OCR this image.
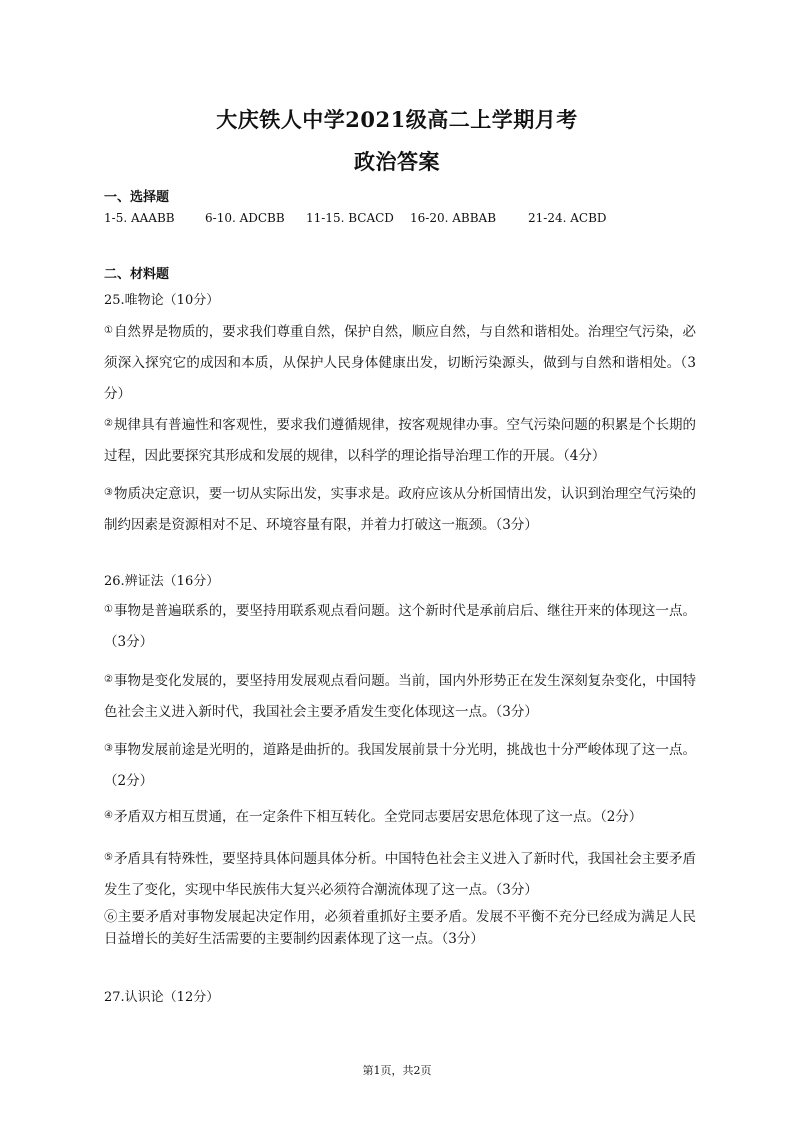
大庆铁人中学2021级高二上学期月考
政治答案
一、选择题
1-5. AAABB	6-10. ADCBB	11-15. BCACD	16-20. ABBAB	21-24. ACBD
二、材料题
25.唯物论（10分）
①自然界是物质的，要求我们尊重自然，保护自然，顺应自然，与自然和谐相处。治理空气污染，必须深入探究它的成因和本质，从保护人民身体健康出发，切断污染源头，做到与自然和谐相处。（3分）
②规律具有普遍性和客观性，要求我们遵循规律，按客观规律办事。空气污染问题的积累是个长期的过程，因此要探究其形成和发展的规律，以科学的理论指导治理工作的开展。（4分）
③物质决定意识，要一切从实际出发，实事求是。政府应该从分析国情出发，认识到治理空气污染的制约因素是资源相对不足、环境容量有限，并着力打破这一瓶颈。（3分）
26.辨证法（16分）
①事物是普遍联系的，要坚持用联系观点看问题。这个新时代是承前启后、继往开来的体现这一点。（3分）
②事物是变化发展的，要坚持用发展观点看问题。当前，国内外形势正在发生深刻复杂变化，中国特色社会主义进入新时代，我国社会主要矛盾发生变化体现这一点。（3分）
③事物发展前途是光明的，道路是曲折的。我国发展前景十分光明，挑战也十分严峻体现了这一点。（2分）
④矛盾双方相互贯通，在一定条件下相互转化。全党同志要居安思危体现了这一点。（2分）
⑤矛盾具有特殊性，要坚持具体问题具体分析。中国特色社会主义进入了新时代，我国社会主要矛盾发生了变化，实现中华民族伟大复兴必须符合潮流体现了这一点。（3分）
⑥主要矛盾对事物发展起决定作用，必须着重抓好主要矛盾。发展不平衡不充分已经成为满足人民日益增长的美好生活需要的主要制约因素体现了这一点。（3分）
27.认识论（12分）
第1页，共2页
